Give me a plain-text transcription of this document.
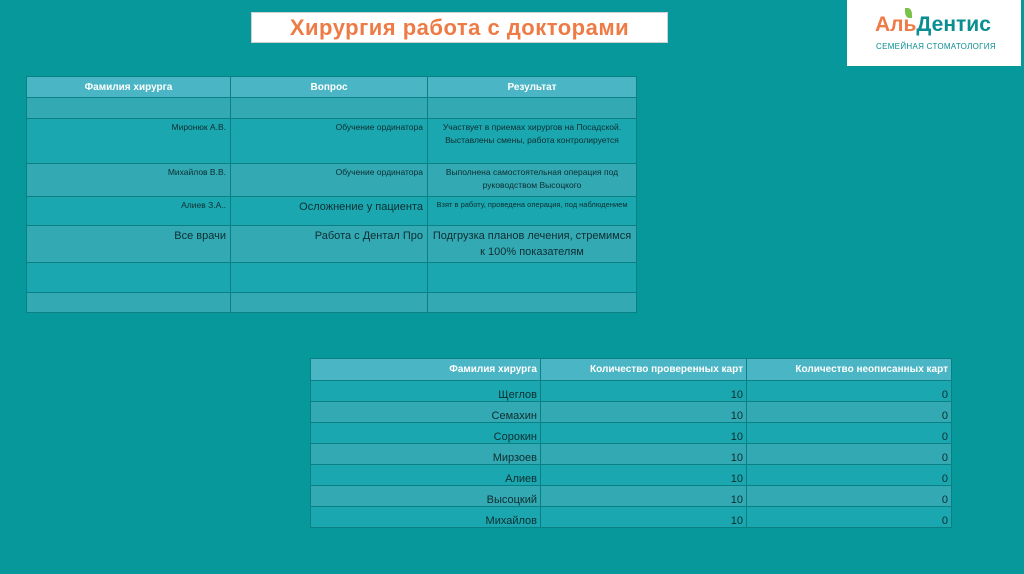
Хирургия работа с докторами	АльДентис
СЕМЕЙНАЯ СТОМАТОЛОГИЯ
Фамилия хирурга	Вопрос	Результат

Миронюк А.В.	Обучение ординатора	Участвует в приемах хирургов на Посадской. Выставлены смены, работа контролируется
Михайлов В.В.	Обучение ординатора	Выполнена самостоятельная операция под руководством Высоцкого
Алиев З.А..	Осложнение у пациента	Взят в работу, проведена операция, под наблюдением
Все врачи	Работа с Дентал Про	Подгрузка планов лечения, стремимся к 100% показателям

Фамилия хирурга	Количество проверенных карт	Количество неописанных карт
Щеглов	10	0
Семахин	10	0
Сорокин	10	0
Мирзоев	10	0
Алиев	10	0
Высоцкий	10	0
Михайлов	10	0
